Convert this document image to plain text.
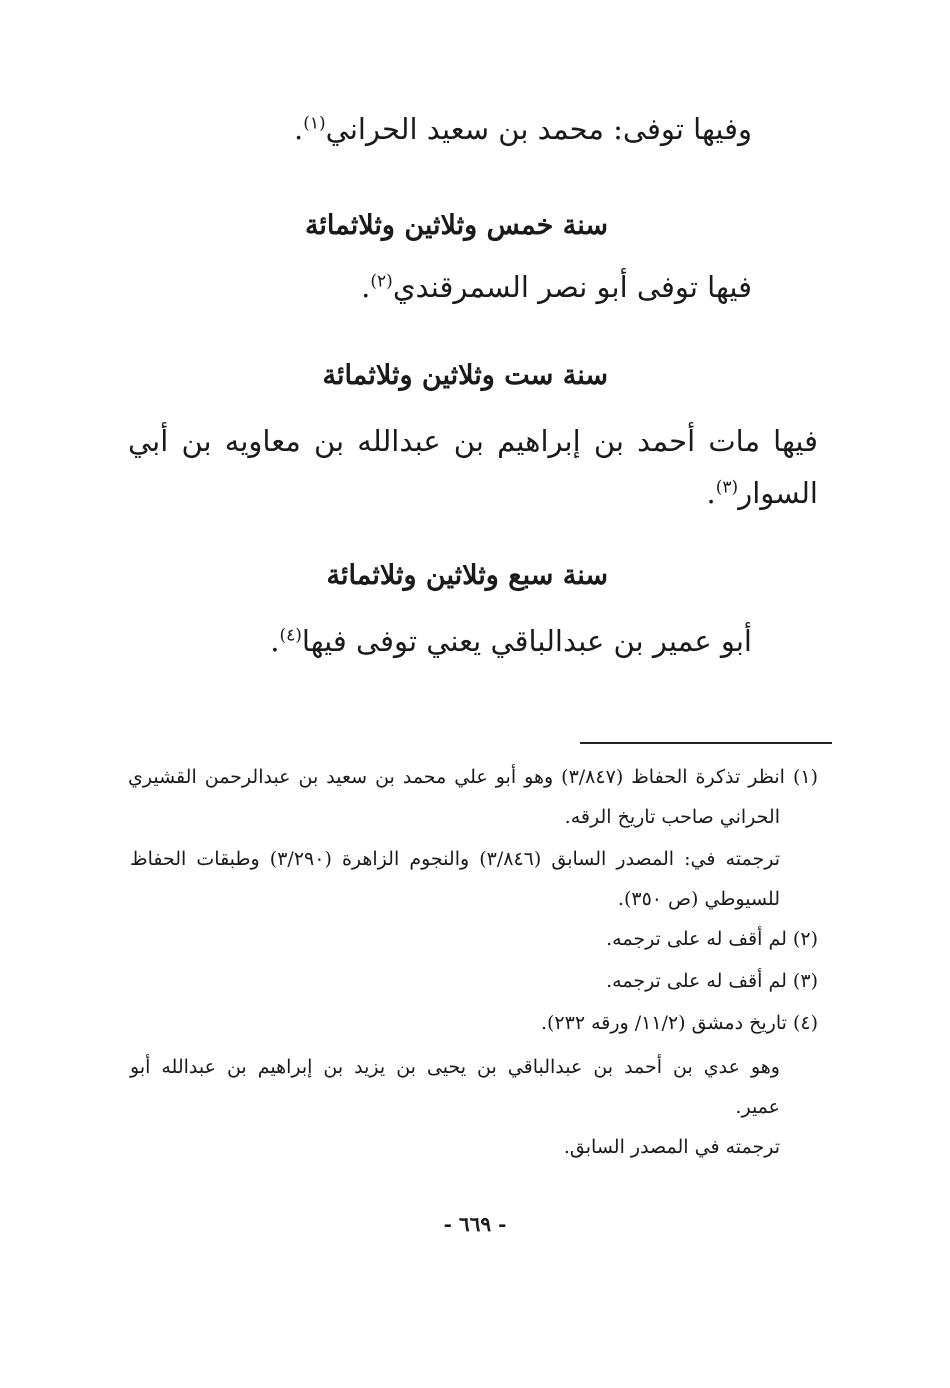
وفيها توفى: محمد بن سعيد الحراني$^{(١)}$.
سنة خمس وثلاثين وثلاثمائة
فيها توفى أبو نصر السمرقندي$^{(٢)}$.
سنة ست وثلاثين وثلاثمائة
فيها مات أحمد بن إبراهيم بن عبدالله بن معاويه بن أبي
السوار$^{(٣)}$.
سنة سبع وثلاثين وثلاثمائة
أبو عمير بن عبدالباقي يعني توفى فيها$^{(٤)}$.
(١) انظر تذكرة الحفاظ (٣/٨٤٧) وهو أبو علي محمد بن سعيد بن عبدالرحمن القشيري
الحراني صاحب تاريخ الرقه.
ترجمته في: المصدر السابق (٣/٨٤٦) والنجوم الزاهرة (٣/٢٩٠) وطبقات الحفاظ
للسيوطي (ص ٣٥٠).
(٢) لم أقف له على ترجمه.
(٣) لم أقف له على ترجمه.
(٤) تاريخ دمشق (١١/٢/ ورقه ٢٣٢).
وهو عدي بن أحمد بن عبدالباقي بن يحيى بن يزيد بن إبراهيم بن عبدالله أبو
عمير.
ترجمته في المصدر السابق.
- ٦٦٩ -
